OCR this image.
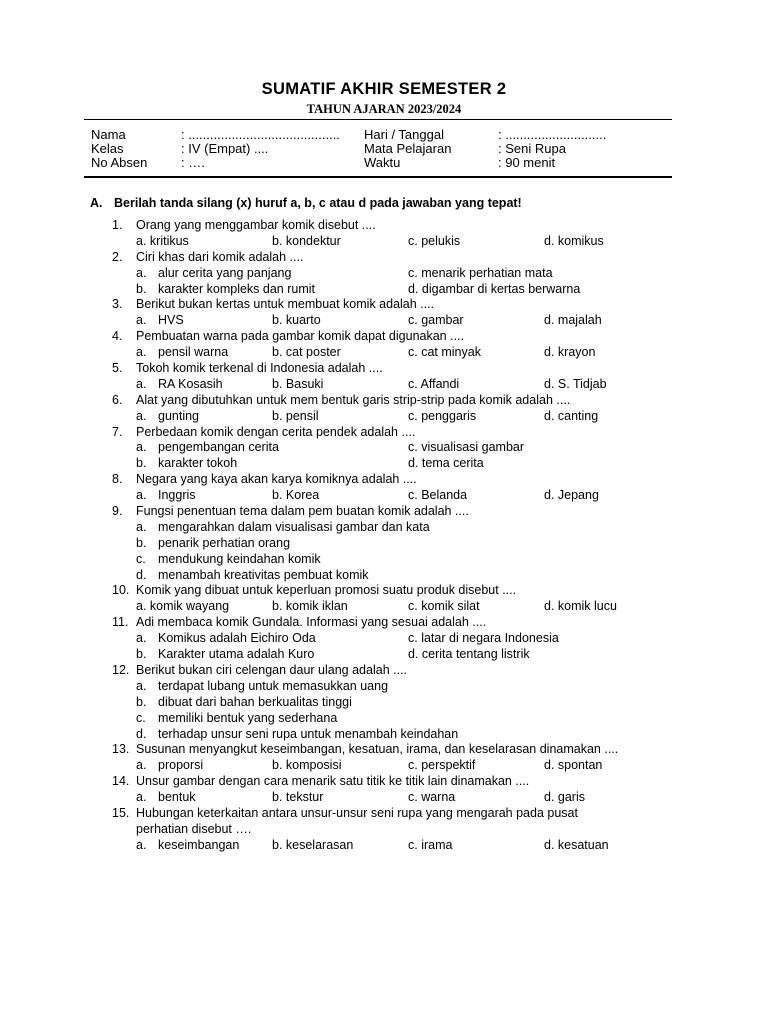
SUMATIF AKHIR SEMESTER 2
TAHUN AJARAN 2023/2024
Nama	: ..........................................
Kelas	: IV (Empat) ....
No Absen	: ….
Hari / Tanggal	: ............................
Mata Pelajaran	: Seni Rupa
Waktu	: 90 menit
A. Berilah tanda silang (x) huruf a, b, c atau d pada jawaban yang tepat!
1. Orang yang menggambar komik disebut ....
a. kritikus	b. kondektur	c. pelukis	d. komikus
2. Ciri khas dari komik adalah ....
a. alur cerita yang panjang	c. menarik perhatian mata
b. karakter kompleks dan rumit	d. digambar di kertas berwarna
3. Berikut bukan kertas untuk membuat komik adalah ....
a. HVS	b. kuarto	c. gambar	d. majalah
4. Pembuatan warna pada gambar komik dapat digunakan ....
a. pensil warna	b. cat poster	c. cat minyak	d. krayon
5. Tokoh komik terkenal di Indonesia adalah ....
a. RA Kosasih	b. Basuki	c. Affandi	d. S. Tidjab
6. Alat yang dibutuhkan untuk mem bentuk garis strip-strip pada komik adalah ....
a. gunting	b. pensil	c. penggaris	d. canting
7. Perbedaan komik dengan cerita pendek adalah ....
a. pengembangan cerita	c. visualisasi gambar
b. karakter tokoh	d. tema cerita
8. Negara yang kaya akan karya komiknya adalah ....
a. Inggris	b. Korea	c. Belanda	d. Jepang
9. Fungsi penentuan tema dalam pem buatan komik adalah ....
a. mengarahkan dalam visualisasi gambar dan kata
b. penarik perhatian orang
c. mendukung keindahan komik
d. menambah kreativitas pembuat komik
10. Komik yang dibuat untuk keperluan promosi suatu produk disebut ....
a. komik wayang	b. komik iklan	c. komik silat	d. komik lucu
11. Adi membaca komik Gundala. Informasi yang sesuai adalah ....
a. Komikus adalah Eichiro Oda	c. latar di negara Indonesia
b. Karakter utama adalah Kuro	d. cerita tentang listrik
12. Berikut bukan ciri celengan daur ulang adalah ....
a. terdapat lubang untuk memasukkan uang
b. dibuat dari bahan berkualitas tinggi
c. memiliki bentuk yang sederhana
d. terhadap unsur seni rupa untuk menambah keindahan
13. Susunan menyangkut keseimbangan, kesatuan, irama, dan keselarasan dinamakan ....
a. proporsi	b. komposisi	c. perspektif	d. spontan
14. Unsur gambar dengan cara menarik satu titik ke titik lain dinamakan ....
a. bentuk	b. tekstur	c. warna	d. garis
15. Hubungan keterkaitan antara unsur-unsur seni rupa yang mengarah pada pusat
perhatian disebut ….
a. keseimbangan	b. keselarasan	c. irama	d. kesatuan
